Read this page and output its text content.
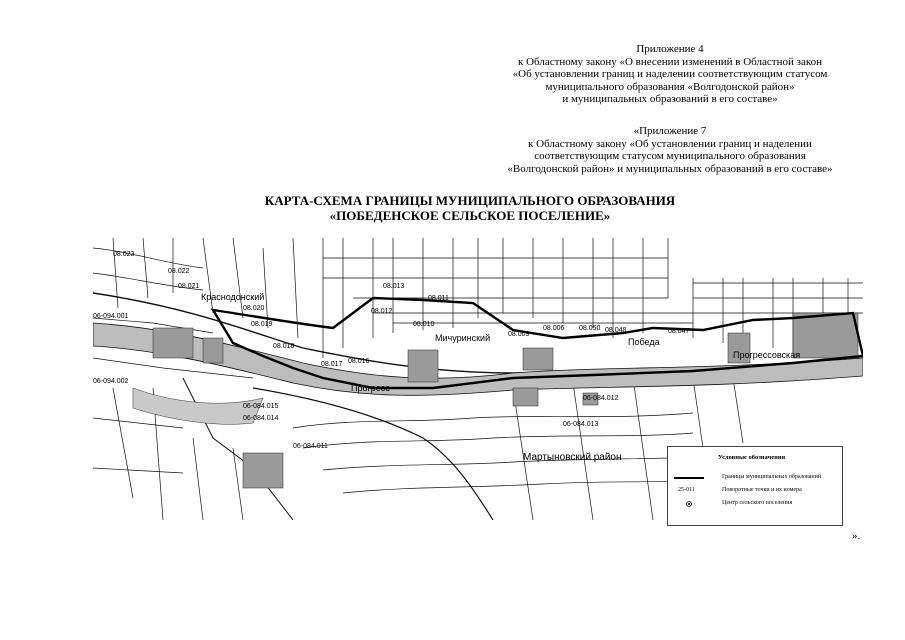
Приложение 4
к Областному закону «О внесении изменений в Областной закон
«Об установлении границ и наделении соответствующим статусом
муниципального образования «Волгодонской район»
и муниципальных образований в его составе»
«Приложение 7
к Областному закону «Об установлении границ и наделении
соответствующим статусом муниципального образования
«Волгодонской район» и муниципальных образований в его составе»
КАРТА-СХЕМА ГРАНИЦЫ МУНИЦИПАЛЬНОГО ОБРАЗОВАНИЯ
«ПОБЕДЕНСКОЕ СЕЛЬСКОЕ ПОСЕЛЕНИЕ»
Краснодонский
Прогресс
Мичуринский	Победа
Прогрессовская
Мартыновский район
08.023
08.022
08.021
08.020
08.019
08.018
08.017 08.016
08.013
08.012
08.011
08.010
08.009
08.006 08.050 08.048	08.047
06-094.001
06-094.002
06-084.012
06-084.013
06-084.014
06-084.015
06-084.011
Условные обозначения
Границы муниципальных образований
25-011	Поворотные точки и их номера
Центр сельского поселения
».
